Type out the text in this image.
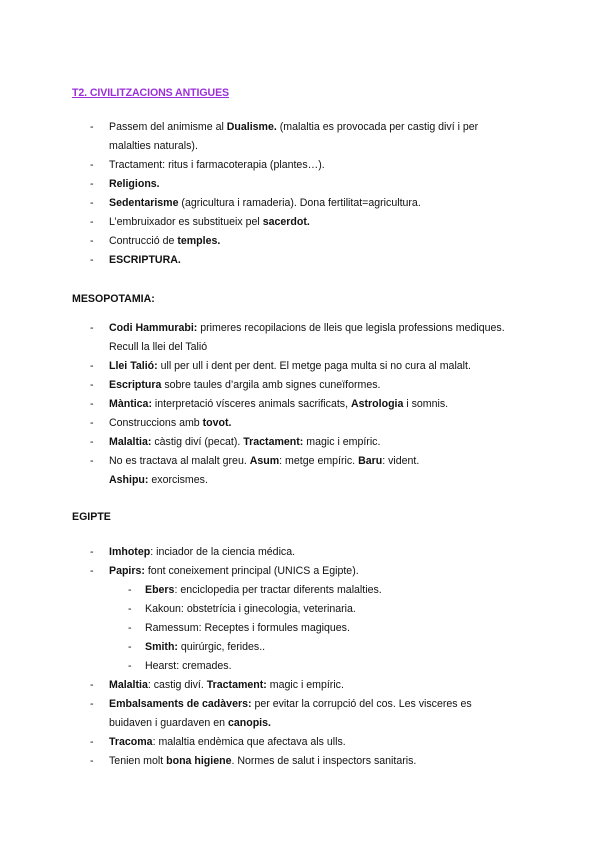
T2. CIVILITZACIONS ANTIGUES
- Passem del animisme al Dualisme. (malaltia es provocada per castig diví i per
malalties naturals).
- Tractament: ritus i farmacoterapia (plantes…).
- Religions.
- Sedentarisme (agricultura i ramaderia). Dona fertilitat=agricultura.
- L’embruixador es substitueix pel sacerdot.
- Contrucció de temples.
- ESCRIPTURA.
MESOPOTAMIA:
- Codi Hammurabi: primeres recopilacions de lleis que legisla professions mediques.
Recull la llei del Talió
- Llei Talió: ull per ull i dent per dent. El metge paga multa si no cura al malalt.
- Escriptura sobre taules d’argila amb signes cuneïformes.
- Màntica: interpretació vísceres animals sacrificats, Astrologia i somnis.
- Construccions amb tovot.
- Malaltia: càstig diví (pecat). Tractament: magic i empíric.
- No es tractava al malalt greu. Asum: metge empíric. Baru: vident.
Ashipu: exorcismes.
EGIPTE
- Imhotep: inciador de la ciencia médica.
- Papirs: font coneixement principal (UNICS a Egipte).
- Ebers: enciclopedia per tractar diferents malalties.
- Kakoun: obstetrícia i ginecologia, veterinaria.
- Ramessum: Receptes i formules magiques.
- Smith: quirúrgic, ferides..
- Hearst: cremades.
- Malaltia: castig diví. Tractament: magic i empíric.
- Embalsaments de cadàvers: per evitar la corrupció del cos. Les visceres es
buidaven i guardaven en canopis.
- Tracoma: malaltia endèmica que afectava als ulls.
- Tenien molt bona higiene. Normes de salut i inspectors sanitaris.
